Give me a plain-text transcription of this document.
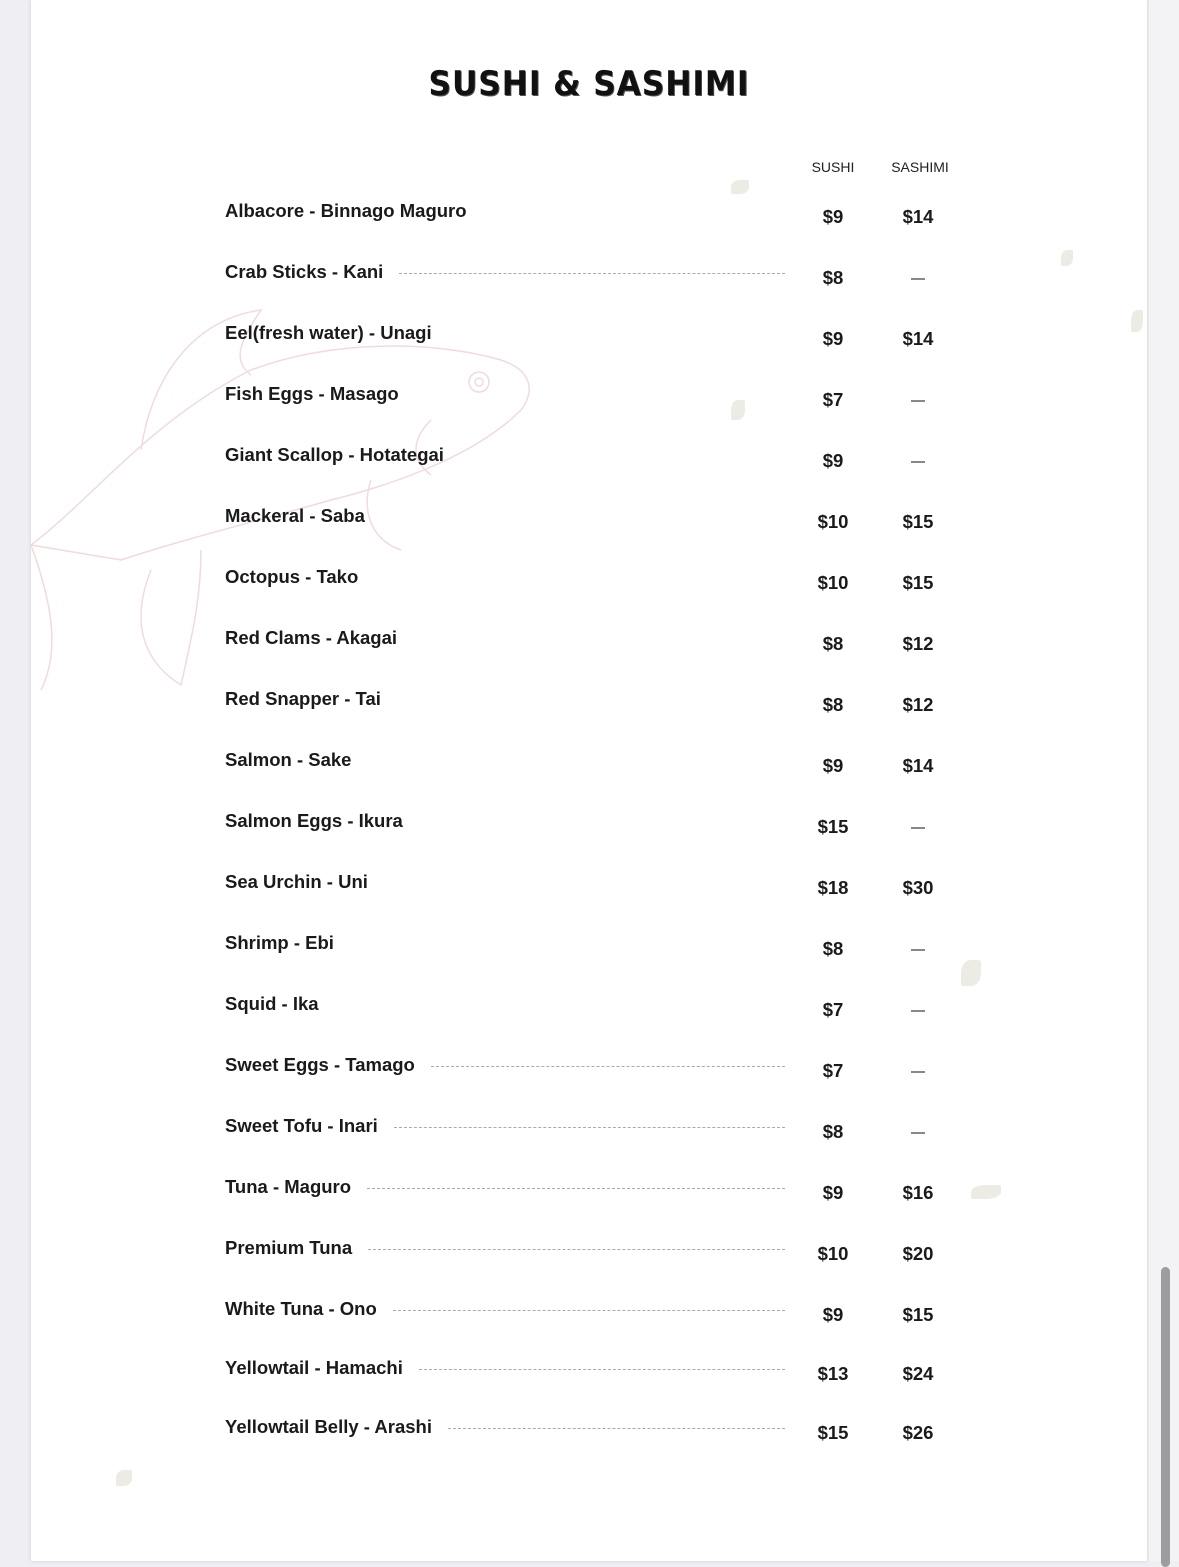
SUSHI & SASHIMI
SUSHI	SASHIMI
Albacore - Binnago Maguro	$9	$14
Crab Sticks - Kani	$8
Eel(fresh water) - Unagi	$9	$14
Fish Eggs - Masago	$7
Giant Scallop - Hotategai	$9
Mackeral - Saba	$10	$15
Octopus - Tako	$10	$15
Red Clams - Akagai	$8	$12
Red Snapper - Tai	$8	$12
Salmon - Sake	$9	$14
Salmon Eggs - Ikura	$15
Sea Urchin - Uni	$18	$30
Shrimp - Ebi	$8
Squid - Ika	$7
Sweet Eggs - Tamago	$7
Sweet Tofu - Inari	$8
Tuna - Maguro	$9	$16
Premium Tuna	$10	$20
White Tuna - Ono	$9	$15
Yellowtail - Hamachi	$13	$24
Yellowtail Belly - Arashi	$15	$26
